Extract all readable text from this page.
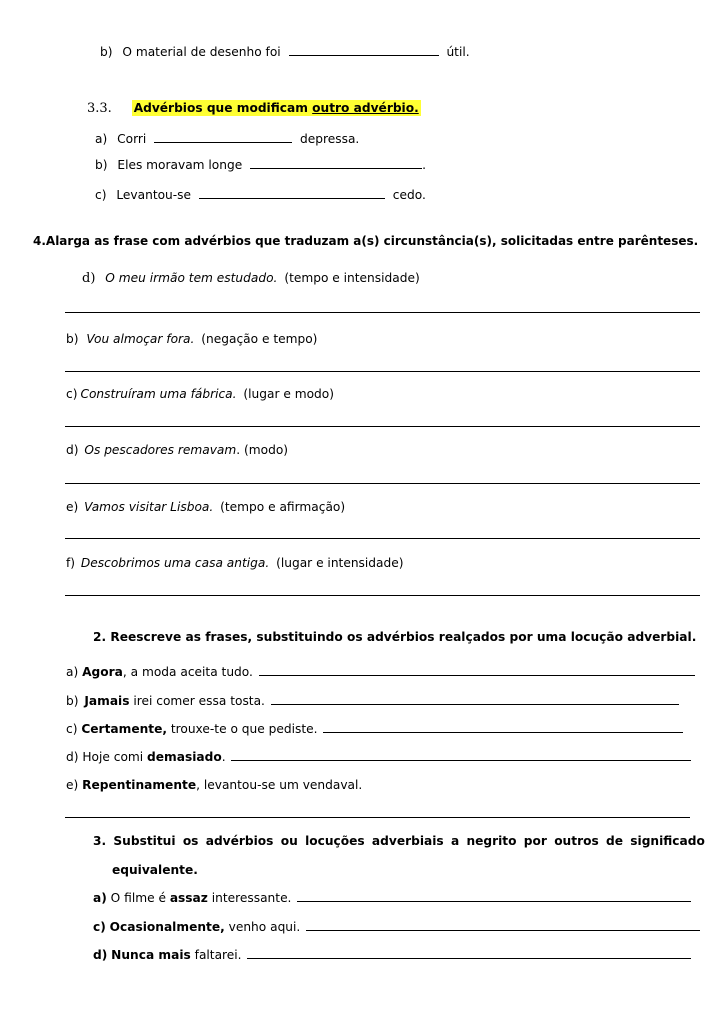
b) O material de desenho foi	útil.
3.3. Advérbios que modificam outro advérbio.
a) Corri	depressa.
b) Eles moravam longe	.
c) Levantou-se	cedo.
4.Alarga as frase com advérbios que traduzam a(s) circunstância(s), solicitadas entre parênteses.
d) O meu irmão tem estudado. (tempo e intensidade)
b) Vou almoçar fora. (negação e tempo)
c) Construíram uma fábrica. (lugar e modo)
d) Os pescadores remavam. (modo)
e) Vamos visitar Lisboa. (tempo e afirmação)
f) Descobrimos uma casa antiga. (lugar e intensidade)
2. Reescreve as frases, substituindo os advérbios realçados por uma locução adverbial.
a) Agora, a moda aceita tudo.
b) Jamais irei comer essa tosta.
c) Certamente, trouxe-te o que pediste.
d) Hoje comi demasiado.
e) Repentinamente, levantou-se um vendaval.
3. Substitui os advérbios ou locuções adverbiais a negrito por outros de significado
equivalente.
a) O filme é assaz interessante.
c) Ocasionalmente, venho aqui.
d) Nunca mais faltarei.
